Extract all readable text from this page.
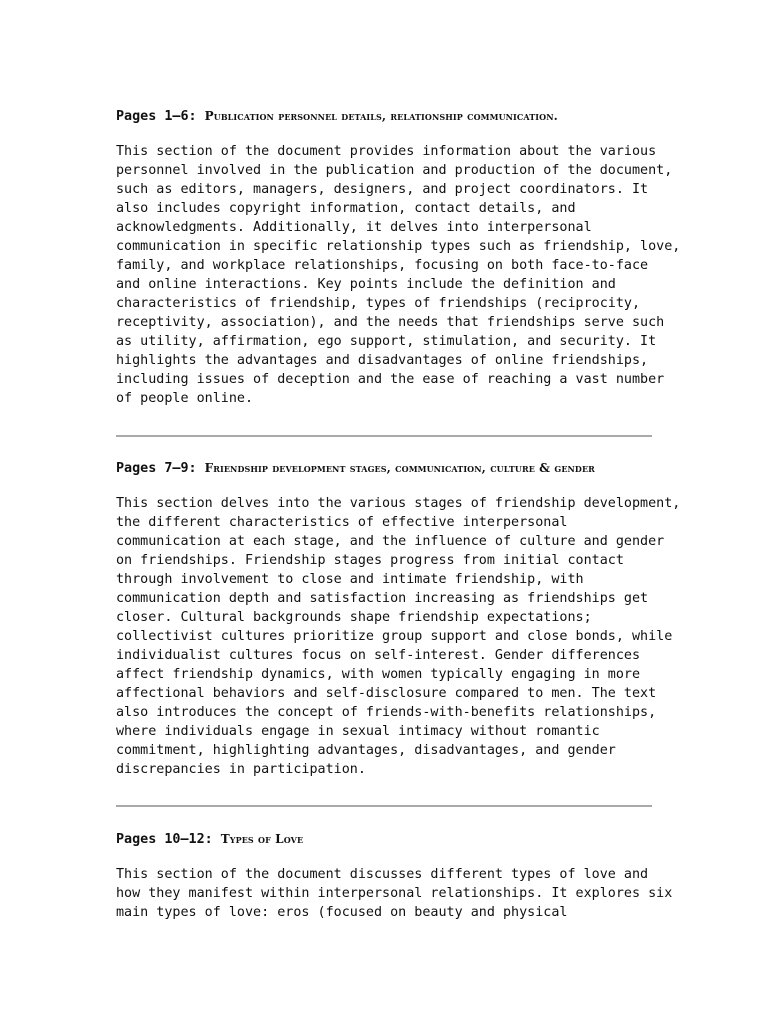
Pages 1—6: Publication personnel details, relationship communication.
This section of the document provides information about the various
personnel involved in the publication and production of the document,
such as editors, managers, designers, and project coordinators. It
also includes copyright information, contact details, and
acknowledgments. Additionally, it delves into interpersonal
communication in specific relationship types such as friendship, love,
family, and workplace relationships, focusing on both face-to-face
and online interactions. Key points include the definition and
characteristics of friendship, types of friendships (reciprocity,
receptivity, association), and the needs that friendships serve such
as utility, affirmation, ego support, stimulation, and security. It
highlights the advantages and disadvantages of online friendships,
including issues of deception and the ease of reaching a vast number
of people online.
Pages 7—9: Friendship development stages, communication, culture & gender
This section delves into the various stages of friendship development,
the different characteristics of effective interpersonal
communication at each stage, and the influence of culture and gender
on friendships. Friendship stages progress from initial contact
through involvement to close and intimate friendship, with
communication depth and satisfaction increasing as friendships get
closer. Cultural backgrounds shape friendship expectations;
collectivist cultures prioritize group support and close bonds, while
individualist cultures focus on self-interest. Gender differences
affect friendship dynamics, with women typically engaging in more
affectional behaviors and self-disclosure compared to men. The text
also introduces the concept of friends-with-benefits relationships,
where individuals engage in sexual intimacy without romantic
commitment, highlighting advantages, disadvantages, and gender
discrepancies in participation.
Pages 10—12: Types of Love
This section of the document discusses different types of love and
how they manifest within interpersonal relationships. It explores six
main types of love: eros (focused on beauty and physical
